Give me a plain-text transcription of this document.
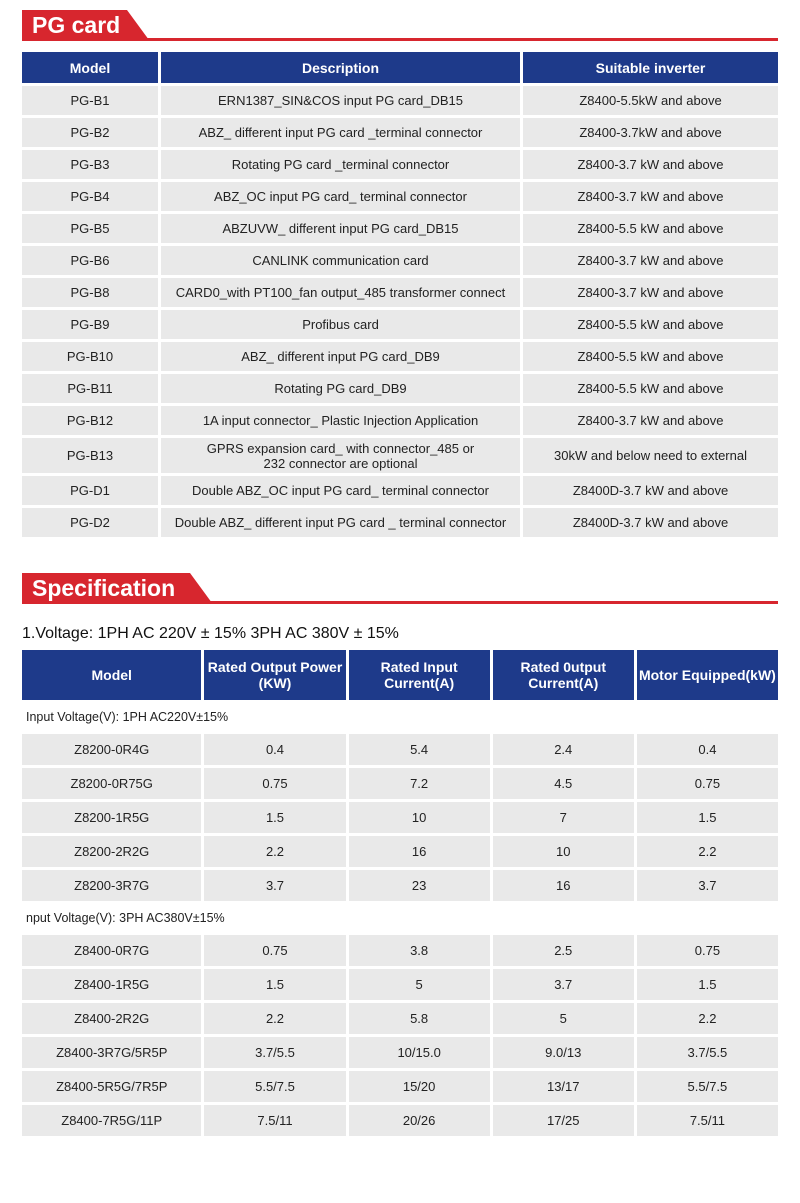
PG card
Model	Description	Suitable inverter
PG-B1	ERN1387_SIN&COS input PG card_DB15	Z8400-5.5kW and above
PG-B2	ABZ_ different input PG card _terminal connector	Z8400-3.7kW and above
PG-B3	Rotating PG card _terminal connector	Z8400-3.7 kW and above
PG-B4	ABZ_OC input PG card_ terminal connector	Z8400-3.7 kW and above
PG-B5	ABZUVW_ different input PG card_DB15	Z8400-5.5 kW and above
PG-B6	CANLINK communication card	Z8400-3.7 kW and above
PG-B8	CARD0_with PT100_fan output_485 transformer connect	Z8400-3.7 kW and above
PG-B9	Profibus card	Z8400-5.5 kW and above
PG-B10	ABZ_ different input PG card_DB9	Z8400-5.5 kW and above
PG-B11	Rotating PG card_DB9	Z8400-5.5 kW and above
PG-B12	1A input connector_ Plastic Injection Application	Z8400-3.7 kW and above
PG-B13	GPRS expansion card_ with connector_485 or 232 connector are optional	30kW and below need to external
PG-D1	Double ABZ_OC input PG card_ terminal connector	Z8400D-3.7 kW and above
PG-D2	Double ABZ_ different input PG card _ terminal connector	Z8400D-3.7 kW and above
Specification
1.Voltage: 1PH AC 220V ± 15% 3PH AC 380V ± 15%
Model	Rated Output Power (KW)	Rated Input Current(A)	Rated 0utput Current(A)	Motor Equipped(kW)
Input Voltage(V): 1PH AC220V±15%				
Z8200-0R4G	0.4	5.4	2.4	0.4
Z8200-0R75G	0.75	7.2	4.5	0.75
Z8200-1R5G	1.5	10	7	1.5
Z8200-2R2G	2.2	16	10	2.2
Z8200-3R7G	3.7	23	16	3.7
nput Voltage(V): 3PH AC380V±15%				
Z8400-0R7G	0.75	3.8	2.5	0.75
Z8400-1R5G	1.5	5	3.7	1.5
Z8400-2R2G	2.2	5.8	5	2.2
Z8400-3R7G/5R5P	3.7/5.5	10/15.0	9.0/13	3.7/5.5
Z8400-5R5G/7R5P	5.5/7.5	15/20	13/17	5.5/7.5
Z8400-7R5G/11P	7.5/11	20/26	17/25	7.5/11
